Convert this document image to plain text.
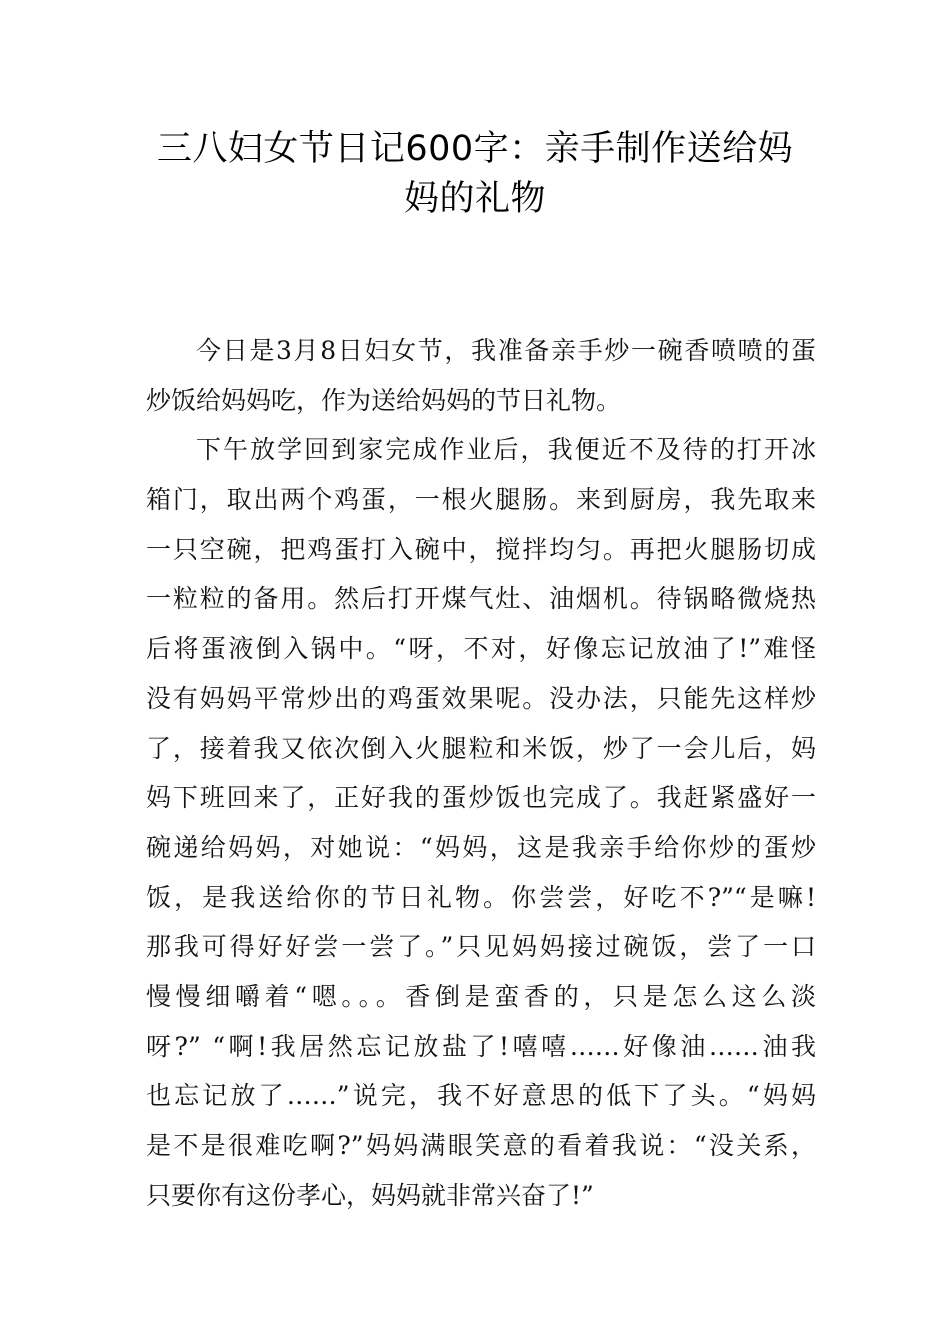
三八妇女节日记600字：亲手制作送给妈
妈的礼物
今日是3月8日妇女节，我准备亲手炒一碗香喷喷的蛋
炒饭给妈妈吃，作为送给妈妈的节日礼物。
下午放学回到家完成作业后，我便近不及待的打开冰
箱门，取出两个鸡蛋，一根火腿肠。来到厨房，我先取来
一只空碗，把鸡蛋打入碗中，搅拌均匀。再把火腿肠切成
一粒粒的备用。然后打开煤气灶、油烟机。待锅略微烧热
后将蛋液倒入锅中。“呀，不对，好像忘记放油了!”难怪
没有妈妈平常炒出的鸡蛋效果呢。没办法，只能先这样炒
了，接着我又依次倒入火腿粒和米饭，炒了一会儿后，妈
妈下班回来了，正好我的蛋炒饭也完成了。我赶紧盛好一
碗递给妈妈，对她说：“妈妈，这是我亲手给你炒的蛋炒
饭，是我送给你的节日礼物。你尝尝，好吃不?”“是嘛!
那我可得好好尝一尝了。”只见妈妈接过碗饭，尝了一口
慢慢细嚼着“嗯。。。香倒是蛮香的，只是怎么这么淡
呀?” “啊!我居然忘记放盐了!嘻嘻……好像油……油我
也忘记放了……”说完，我不好意思的低下了头。“妈妈
是不是很难吃啊?”妈妈满眼笑意的看着我说：“没关系，
只要你有这份孝心，妈妈就非常兴奋了!”
